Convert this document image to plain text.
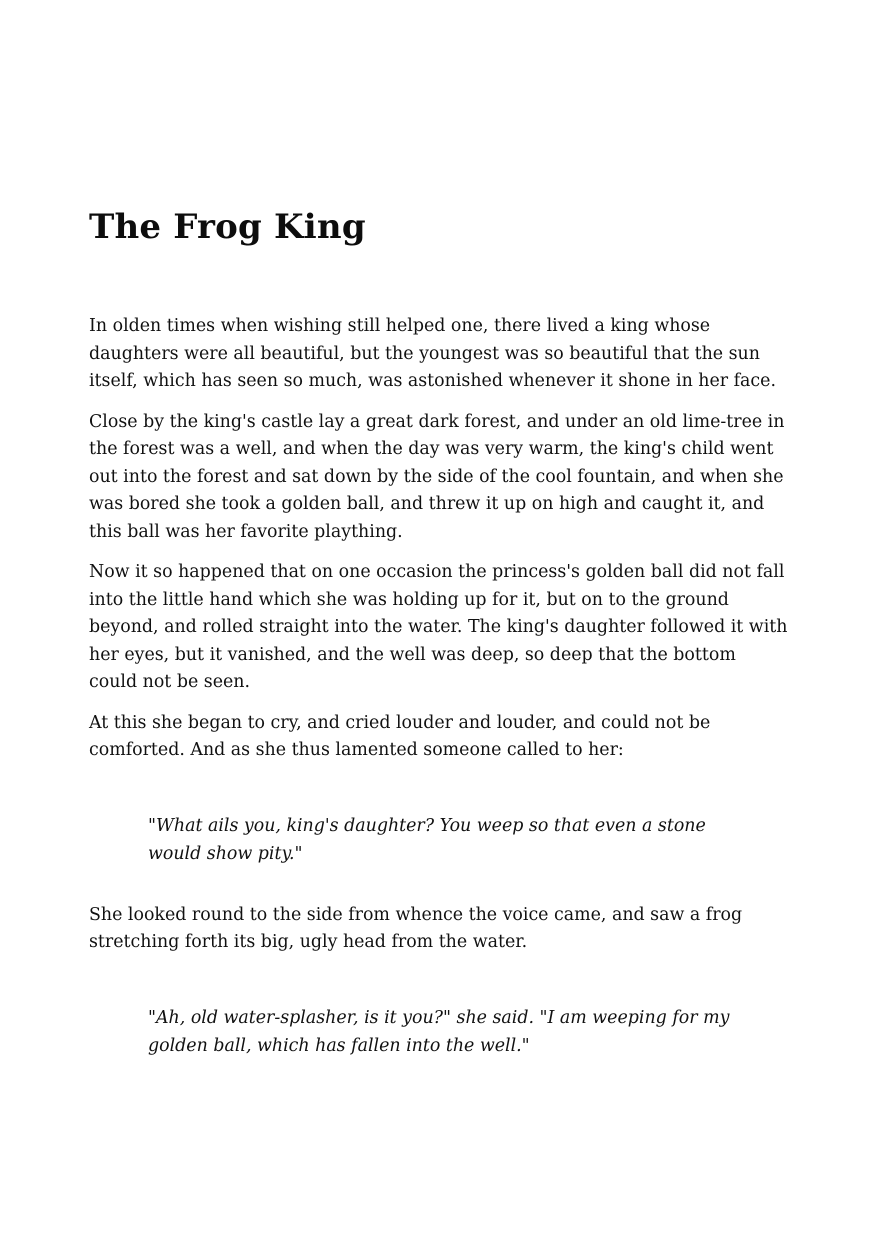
The Frog King

In olden times when wishing still helped one, there lived a king whose daughters were all beautiful, but the youngest was so beautiful that the sun itself, which has seen so much, was astonished whenever it shone in her face.

Close by the king's castle lay a great dark forest, and under an old lime-tree in the forest was a well, and when the day was very warm, the king's child went out into the forest and sat down by the side of the cool fountain, and when she was bored she took a golden ball, and threw it up on high and caught it, and this ball was her favorite plaything.

Now it so happened that on one occasion the princess's golden ball did not fall into the little hand which she was holding up for it, but on to the ground beyond, and rolled straight into the water. The king's daughter followed it with her eyes, but it vanished, and the well was deep, so deep that the bottom could not be seen.

At this she began to cry, and cried louder and louder, and could not be comforted. And as she thus lamented someone called to her:

"What ails you, king's daughter? You weep so that even a stone would show pity."

She looked round to the side from whence the voice came, and saw a frog stretching forth its big, ugly head from the water.

"Ah, old water-splasher, is it you?" she said. "I am weeping for my golden ball, which has fallen into the well."
